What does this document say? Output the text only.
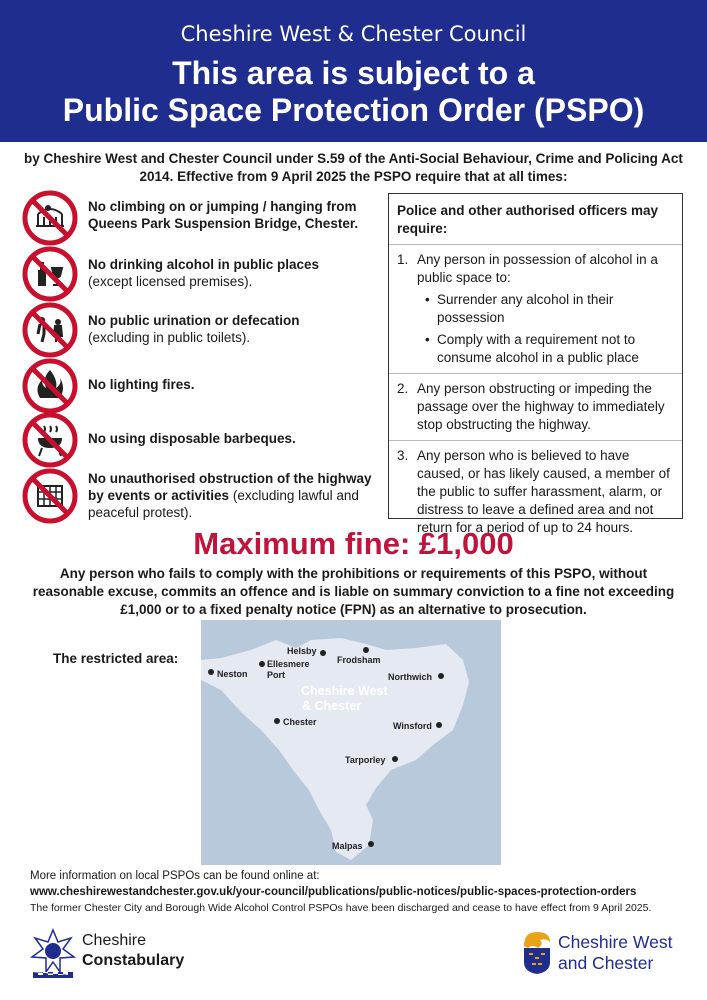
Cheshire West & Chester Council
This area is subject to a
Public Space Protection Order (PSPO)
by Cheshire West and Chester Council under S.59 of the Anti-Social Behaviour, Crime and Policing Act 2014. Effective from 9 April 2025 the PSPO require that at all times:
No climbing on or jumping / hanging from Queens Park Suspension Bridge, Chester.
No drinking alcohol in public places
(except licensed premises).
No public urination or defecation
(excluding in public toilets).
No lighting fires.
No using disposable barbeques.
No unauthorised obstruction of the highway by events or activities (excluding lawful and peaceful protest).
Police and other authorised officers may require:
1. Any person in possession of alcohol in a public space to:
• Surrender any alcohol in their possession
• Comply with a requirement not to consume alcohol in a public place
2. Any person obstructing or impeding the passage over the highway to immediately stop obstructing the highway.
3. Any person who is believed to have caused, or has likely caused, a member of the public to suffer harassment, alarm, or distress to leave a defined area and not return for a period of up to 24 hours.
Maximum fine: £1,000
Any person who fails to comply with the prohibitions or requirements of this PSPO, without reasonable excuse, commits an offence and is liable on summary conviction to a fine not exceeding £1,000 or to a fixed penalty notice (FPN) as an alternative to prosecution.
The restricted area:
Cheshire West
& Chester
Neston
Ellesmere
Port
Helsby
Frodsham
Northwich
Chester	Winsford
Tarporley
Malpas
More information on local PSPOs can be found online at:
www.cheshirewestandchester.gov.uk/your-council/publications/public-notices/public-spaces-protection-orders
The former Chester City and Borough Wide Alcohol Control PSPOs have been discharged and cease to have effect from 9 April 2025.
Cheshire
Constabulary
Cheshire West
and Chester
